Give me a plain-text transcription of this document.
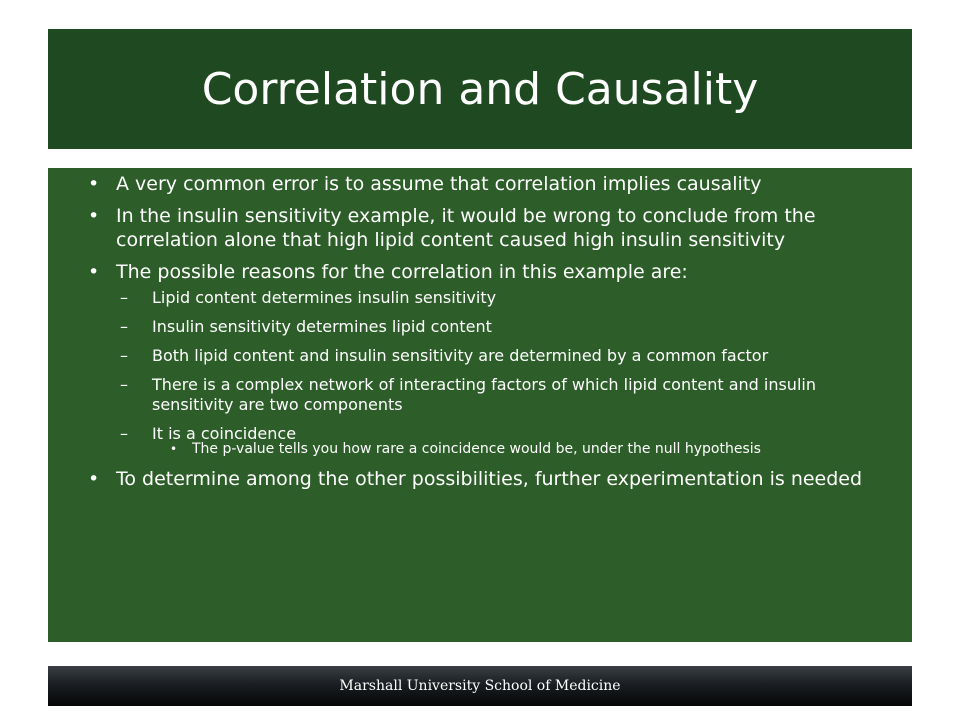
Correlation and Causality
• A very common error is to assume that correlation implies causality
• In the insulin sensitivity example, it would be wrong to conclude from the correlation alone that high lipid content caused high insulin sensitivity
• The possible reasons for the correlation in this example are:
– Lipid content determines insulin sensitivity
– Insulin sensitivity determines lipid content
– Both lipid content and insulin sensitivity are determined by a common factor
– There is a complex network of interacting factors of which lipid content and insulin sensitivity are two components
– It is a coincidence
• The p-value tells you how rare a coincidence would be, under the null hypothesis
• To determine among the other possibilities, further experimentation is needed
Marshall University School of Medicine
